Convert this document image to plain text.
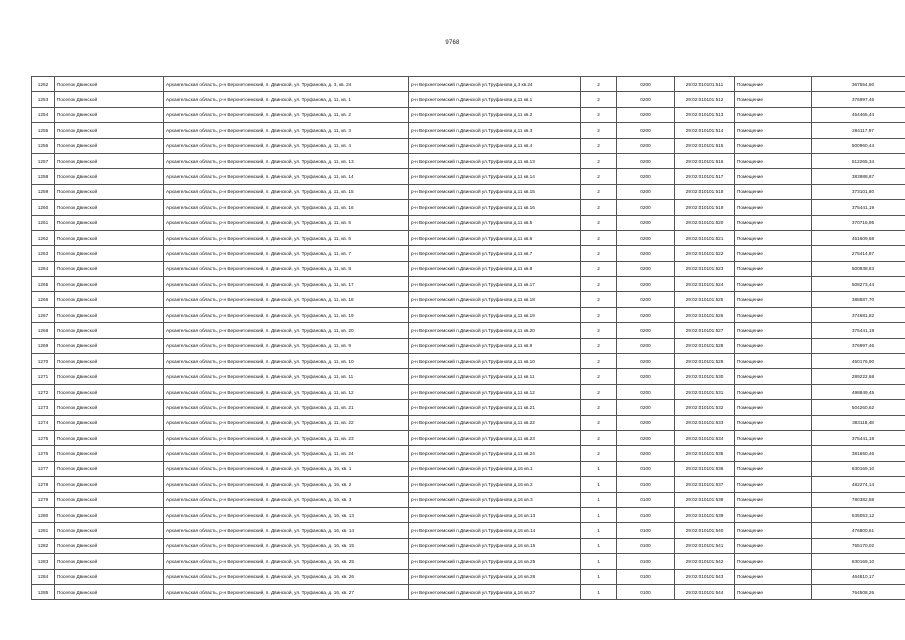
9768
1252	Поселок Двинской	Архангельская область, р-н Верхнетоемский, п. Двинской, ул. Труфанова, д. 3, кв. 24	р-н Верхнетоемский п.Двинской ул.Труфанова д.3 кв.24	2	0200	29:02:010101:511	Помещение	367554,60
1253	Поселок Двинской	Архангельская область, р-н Верхнетоемский, п. Двинской, ул. Труфанова, д. 11, кв. 1	р-н Верхнетоемский п.Двинской ул.Труфанова д.11 кв.1	2	0200	29:02:010101:512	Помещение	376997,46
1254	Поселок Двинской	Архангельская область, р-н Верхнетоемский, п. Двинской, ул. Труфанова, д. 11, кв. 2	р-н Верхнетоемский п.Двинской ул.Труфанова д.11 кв.2	2	0200	29:02:010101:513	Помещение	454465,44
1255	Поселок Двинской	Архангельская область, р-н Верхнетоемский, п. Двинской, ул. Труфанова, д. 11, кв. 3	р-н Верхнетоемский п.Двинской ул.Труфанова д.11 кв.3	2	0200	29:02:010101:514	Помещение	284117,97
1256	Поселок Двинской	Архангельская область, р-н Верхнетоемский, п. Двинской, ул. Труфанова, д. 11, кв. 4	р-н Верхнетоемский п.Двинской ул.Труфанова д.11 кв.4	2	0200	29:02:010101:515	Помещение	500960,44
1257	Поселок Двинской	Архангельская область, р-н Верхнетоемский, п. Двинской, ул. Труфанова, д. 11, кв. 13	р-н Верхнетоемский п.Двинской ул.Труфанова д.11 кв.13	2	0200	29:02:010101:516	Помещение	512265,34
1258	Поселок Двинской	Архангельская область, р-н Верхнетоемский, п. Двинской, ул. Труфанова, д. 11, кв. 14	р-н Верхнетоемский п.Двинской ул.Труфанова д.11 кв.14	2	0200	29:02:010101:517	Помещение	383988,87
1259	Поселок Двинской	Архангельская область, р-н Верхнетоемский, п. Двинской, ул. Труфанова, д. 11, кв. 15	р-н Верхнетоемский п.Двинской ул.Труфанова д.11 кв.15	2	0200	29:02:010101:518	Помещение	373101,80
1260	Поселок Двинской	Архангельская область, р-н Верхнетоемский, п. Двинской, ул. Труфанова, д. 11, кв. 16	р-н Верхнетоемский п.Двинской ул.Труфанова д.11 кв.16	2	0200	29:02:010101:519	Помещение	375441,19
1261	Поселок Двинской	Архангельская область, р-н Верхнетоемский, п. Двинской, ул. Труфанова, д. 11, кв. 5	р-н Верхнетоемский п.Двинской ул.Труфанова д.11 кв.5	2	0200	29:02:010101:520	Помещение	370716,95
1262	Поселок Двинской	Архангельская область, р-н Верхнетоемский, п. Двинской, ул. Труфанова, д. 11, кв. 6	р-н Верхнетоемский п.Двинской ул.Труфанова д.11 кв.6	2	0200	29:02:010101:521	Помещение	451609,68
1263	Поселок Двинской	Архангельская область, р-н Верхнетоемский, п. Двинской, ул. Труфанова, д. 11, кв. 7	р-н Верхнетоемский п.Двинской ул.Труфанова д.11 кв.7	2	0200	29:02:010101:522	Помещение	275414,87
1264	Поселок Двинской	Архангельская область, р-н Верхнетоемский, п. Двинской, ул. Труфанова, д. 11, кв. 8	р-н Верхнетоемский п.Двинской ул.Труфанова д.11 кв.8	2	0200	29:02:010101:523	Помещение	500938,63
1265	Поселок Двинской	Архангельская область, р-н Верхнетоемский, п. Двинской, ул. Труфанова, д. 11, кв. 17	р-н Верхнетоемский п.Двинской ул.Труфанова д.11 кв.17	2	0200	29:02:010101:524	Помещение	508273,44
1266	Поселок Двинской	Архангельская область, р-н Верхнетоемский, п. Двинской, ул. Труфанова, д. 11, кв. 18	р-н Верхнетоемский п.Двинской ул.Труфанова д.11 кв.18	2	0200	29:02:010101:525	Помещение	388587,70
1267	Поселок Двинской	Архангельская область, р-н Верхнетоемский, п. Двинской, ул. Труфанова, д. 11, кв. 19	р-н Верхнетоемский п.Двинской ул.Труфанова д.11 кв.19	2	0200	29:02:010101:526	Помещение	374681,82
1268	Поселок Двинской	Архангельская область, р-н Верхнетоемский, п. Двинской, ул. Труфанова, д. 11, кв. 20	р-н Верхнетоемский п.Двинской ул.Труфанова д.11 кв.20	2	0200	29:02:010101:527	Помещение	375441,19
1269	Поселок Двинской	Архангельская область, р-н Верхнетоемский, п. Двинской, ул. Труфанова, д. 11, кв. 9	р-н Верхнетоемский п.Двинской ул.Труфанова д.11 кв.9	2	0200	29:02:010101:528	Помещение	376997,46
1270	Поселок Двинской	Архангельская область, р-н Верхнетоемский, п. Двинской, ул. Труфанова, д. 11, кв. 10	р-н Верхнетоемский п.Двинской ул.Труфанова д.11 кв.10	2	0200	29:02:010101:529	Помещение	450176,90
1271	Поселок Двинской	Архангельская область, р-н Верхнетоемский, п. Двинской, ул. Труфанова, д. 11, кв. 11	р-н Верхнетоемский п.Двинской ул.Труфанова д.11 кв.11	2	0200	29:02:010101:530	Помещение	289222,68
1272	Поселок Двинской	Архангельская область, р-н Верхнетоемский, п. Двинской, ул. Труфанова, д. 11, кв. 12	р-н Верхнетоемский п.Двинской ул.Труфанова д.11 кв.12	2	0200	29:02:010101:531	Помещение	498849,45
1273	Поселок Двинской	Архангельская область, р-н Верхнетоемский, п. Двинской, ул. Труфанова, д. 11, кв. 21	р-н Верхнетоемский п.Двинской ул.Труфанова д.11 кв.21	2	0200	29:02:010101:532	Помещение	504260,62
1274	Поселок Двинской	Архангельская область, р-н Верхнетоемский, п. Двинской, ул. Труфанова, д. 11, кв. 22	р-н Верхнетоемский п.Двинской ул.Труфанова д.11 кв.22	2	0200	29:02:010101:533	Помещение	383118,48
1275	Поселок Двинской	Архангельская область, р-н Верхнетоемский, п. Двинской, ул. Труфанова, д. 11, кв. 23	р-н Верхнетоемский п.Двинской ул.Труфанова д.11 кв.23	2	0200	29:02:010101:534	Помещение	375441,19
1276	Поселок Двинской	Архангельская область, р-н Верхнетоемский, п. Двинской, ул. Труфанова, д. 11, кв. 24	р-н Верхнетоемский п.Двинской ул.Труфанова д.11 кв.24	2	0200	29:02:010101:535	Помещение	381650,46
1277	Поселок Двинской	Архангельская область, р-н Верхнетоемский, п. Двинской, ул. Труфанова, д. 16, кв. 1	р-н Верхнетоемский п.Двинской ул.Труфанова д.16 кв.1	1	0100	29:02:010101:536	Помещение	630169,10
1278	Поселок Двинской	Архангельская область, р-н Верхнетоемский, п. Двинской, ул. Труфанова, д. 16, кв. 2	р-н Верхнетоемский п.Двинской ул.Труфанова д.16 кв.2	1	0100	29:02:010101:537	Помещение	482274,14
1279	Поселок Двинской	Архангельская область, р-н Верхнетоемский, п. Двинской, ул. Труфанова, д. 16, кв. 3	р-н Верхнетоемский п.Двинской ул.Труфанова д.16 кв.3	1	0100	29:02:010101:538	Помещение	780382,58
1280	Поселок Двинской	Архангельская область, р-н Верхнетоемский, п. Двинской, ул. Труфанова, д. 16, кв. 13	р-н Верхнетоемский п.Двинской ул.Труфанова д.16 кв.13	1	0100	29:02:010101:539	Помещение	635053,12
1281	Поселок Двинской	Архангельская область, р-н Верхнетоемский, п. Двинской, ул. Труфанова, д. 16, кв. 14	р-н Верхнетоемский п.Двинской ул.Труфанова д.16 кв.14	1	0100	29:02:010101:540	Помещение	476800,61
1282	Поселок Двинской	Архангельская область, р-н Верхнетоемский, п. Двинской, ул. Труфанова, д. 16, кв. 15	р-н Верхнетоемский п.Двинской ул.Труфанова д.16 кв.15	1	0100	29:02:010101:541	Помещение	765170,02
1283	Поселок Двинской	Архангельская область, р-н Верхнетоемский, п. Двинской, ул. Труфанова, д. 16, кв. 25	р-н Верхнетоемский п.Двинской ул.Труфанова д.16 кв.25	1	0100	29:02:010101:542	Помещение	630169,10
1284	Поселок Двинской	Архангельская область, р-н Верхнетоемский, п. Двинской, ул. Труфанова, д. 16, кв. 26	р-н Верхнетоемский п.Двинской ул.Труфанова д.16 кв.26	1	0100	29:02:010101:543	Помещение	464810,17
1285	Поселок Двинской	Архангельская область, р-н Верхнетоемский, п. Двинской, ул. Труфанова, д. 16, кв. 27	р-н Верхнетоемский п.Двинской ул.Труфанова д.16 кв.27	1	0100	29:02:010101:544	Помещение	764508,26
